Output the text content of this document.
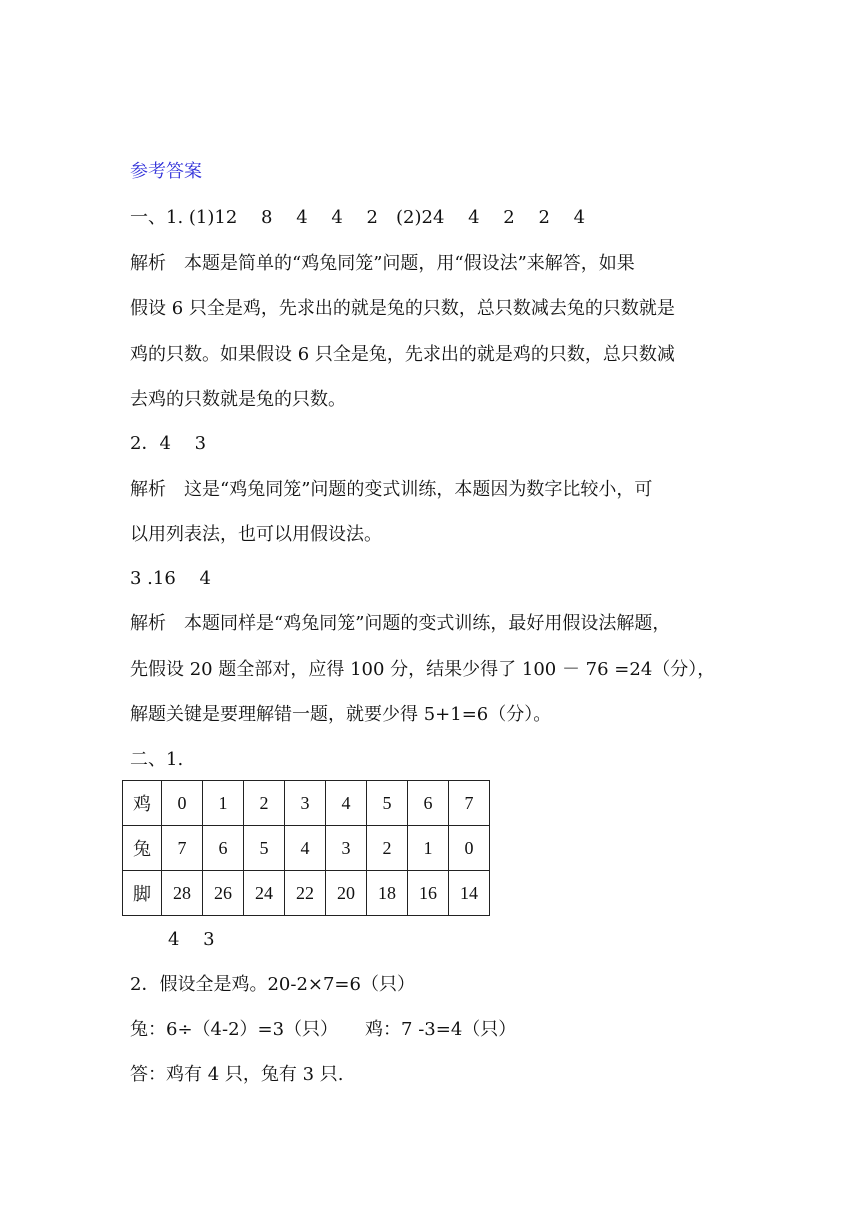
参考答案
一、1. (1)12　 8　 4　 4　 2　(2)24　 4　 2　 2　 4
解析　本题是简单的“鸡兔同笼”问题，用“假设法”来解答，如果
假设 6 只全是鸡，先求出的就是兔的只数，总只数减去兔的只数就是
鸡的只数。如果假设 6 只全是兔，先求出的就是鸡的只数，总只数减
去鸡的只数就是兔的只数。
2．4　 3
解析　这是“鸡兔同笼”问题的变式训练，本题因为数字比较小，可
以用列表法，也可以用假设法。
3 .16　 4
解析　本题同样是“鸡兔同笼”问题的变式训练，最好用假设法解题，
先假设 20 题全部对，应得 100 分，结果少得了 100 － 76 =24（分），
解题关键是要理解错一题，就要少得 5+1=6（分）。
二、1.
鸡	0	1	2	3	4	5	6	7
兔	7	6	5	4	3	2	1	0
脚	28	26	24	22	20	18	16	14
4　 3
2．假设全是鸡。20-2×7=6（只）
兔：6÷（4-2）=3（只）　　鸡：7 -3=4（只）
答：鸡有 4 只，兔有 3 只.
